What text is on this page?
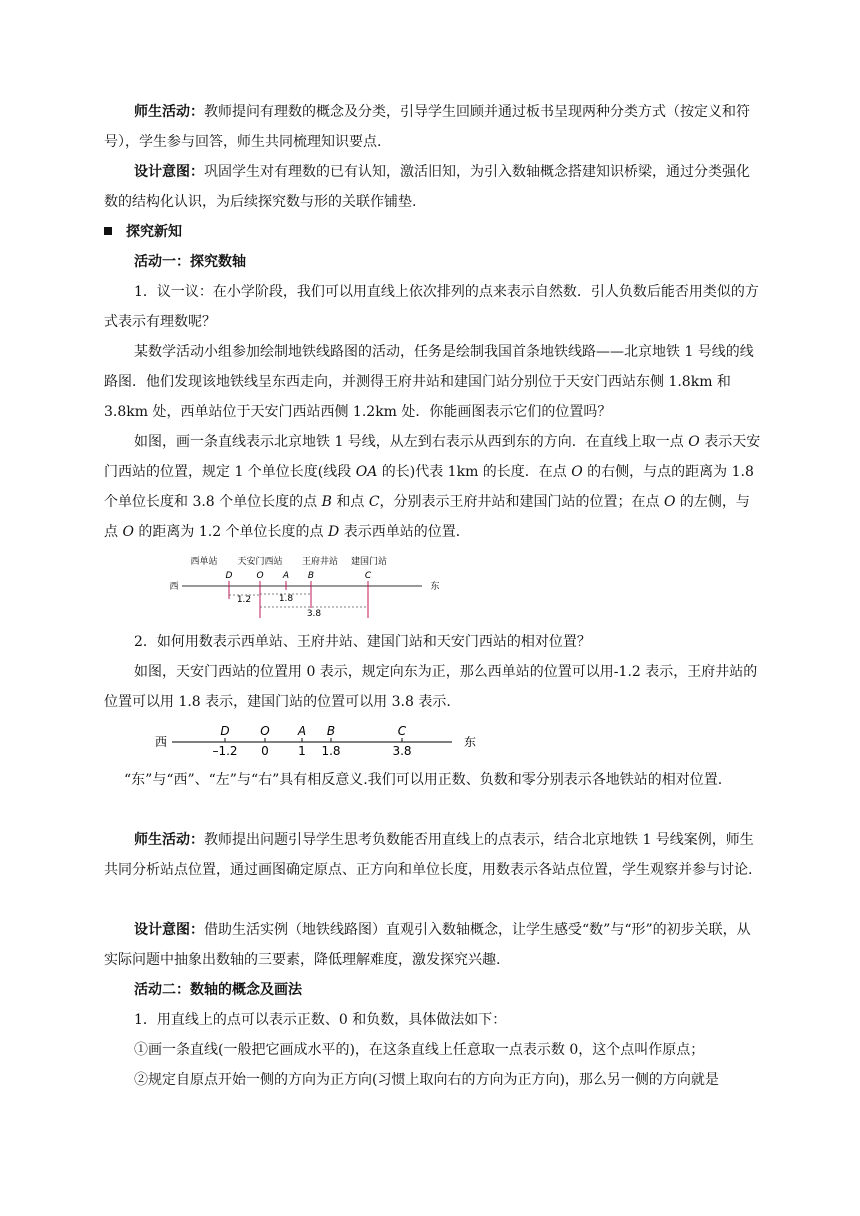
师生活动：教师提问有理数的概念及分类，引导学生回顾并通过板书呈现两种分类方式（按定义和符号），学生参与回答，师生共同梳理知识要点.

设计意图：巩固学生对有理数的已有认知，激活旧知，为引入数轴概念搭建知识桥梁，通过分类强化数的结构化认识，为后续探究数与形的关联作铺垫.

探究新知

活动一：探究数轴

1．议一议：在小学阶段，我们可以用直线上依次排列的点来表示自然数．引人负数后能否用类似的方式表示有理数呢？

某数学活动小组参加绘制地铁线路图的活动，任务是绘制我国首条地铁线路——北京地铁 1 号线的线路图．他们发现该地铁线呈东西走向，并测得王府井站和建国门站分别位于天安门西站东侧 1.8km 和 3.8km 处，西单站位于天安门西站西侧 1.2km 处．你能画图表示它们的位置吗？

如图，画一条直线表示北京地铁 1 号线，从左到右表示从西到东的方向．在直线上取一点 O 表示天安门西站的位置，规定 1 个单位长度(线段 OA 的长)代表 1km 的长度．在点 O 的右侧，与点的距离为 1.8 个单位长度和 3.8 个单位长度的点 B 和点 C，分别表示王府井站和建国门站的位置；在点 O 的左侧，与点 O 的距离为 1.2 个单位长度的点 D 表示西单站的位置．

西单站 天安门西站 王府井站 建国门站
D	O A B	C
西	东
1.2	1.8
3.8

2．如何用数表示西单站、王府井站、建国门站和天安门西站的相对位置？

如图，天安门西站的位置用 0 表示，规定向东为正，那么西单站的位置可以用-1.2 表示，王府井站的位置可以用 1.8 表示，建国门站的位置可以用 3.8 表示.

D	O A B	C
西	东
–1.2 0 1 1.8	3.8

“东”与“西”、“左”与“右”具有相反意义.我们可以用正数、负数和零分别表示各地铁站的相对位置.

师生活动：教师提出问题引导学生思考负数能否用直线上的点表示，结合北京地铁 1 号线案例，师生共同分析站点位置，通过画图确定原点、正方向和单位长度，用数表示各站点位置，学生观察并参与讨论.

设计意图：借助生活实例（地铁线路图）直观引入数轴概念，让学生感受“数”与“形”的初步关联，从实际问题中抽象出数轴的三要素，降低理解难度，激发探究兴趣.

活动二：数轴的概念及画法

1．用直线上的点可以表示正数、0 和负数，具体做法如下：

①画一条直线(一般把它画成水平的)，在这条直线上任意取一点表示数 0，这个点叫作原点；

②规定自原点开始一侧的方向为正方向(习惯上取向右的方向为正方向)，那么另一侧的方向就是
